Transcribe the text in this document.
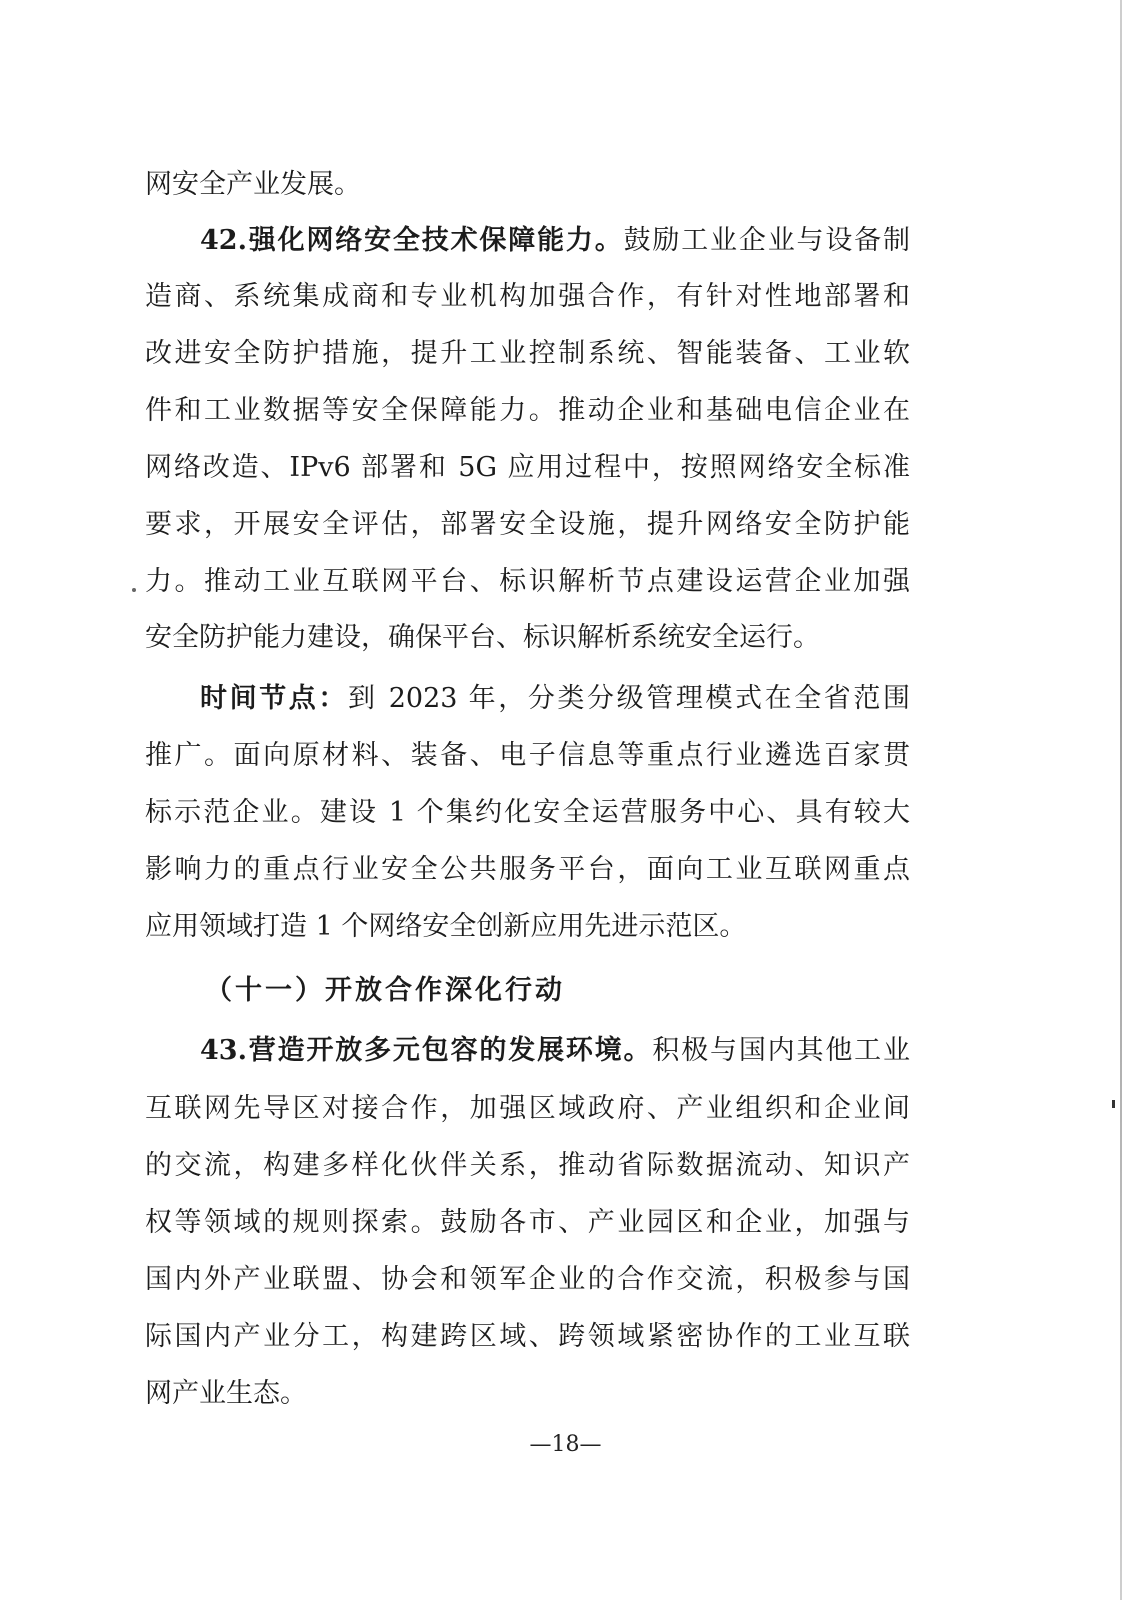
网安全产业发展。

42.强化网络安全技术保障能力。鼓励工业企业与设备制

造商、系统集成商和专业机构加强合作，有针对性地部署和

改进安全防护措施，提升工业控制系统、智能装备、工业软

件和工业数据等安全保障能力。推动企业和基础电信企业在

网络改造、IPv6 部署和 5G 应用过程中，按照网络安全标准

要求，开展安全评估，部署安全设施，提升网络安全防护能

力。推动工业互联网平台、标识解析节点建设运营企业加强

安全防护能力建设，确保平台、标识解析系统安全运行。

时间节点：到 2023 年，分类分级管理模式在全省范围

推广。面向原材料、装备、电子信息等重点行业遴选百家贯

标示范企业。建设 1 个集约化安全运营服务中心、具有较大

影响力的重点行业安全公共服务平台，面向工业互联网重点

应用领域打造 1 个网络安全创新应用先进示范区。

（十一）开放合作深化行动

43.营造开放多元包容的发展环境。积极与国内其他工业

互联网先导区对接合作，加强区域政府、产业组织和企业间

的交流，构建多样化伙伴关系，推动省际数据流动、知识产

权等领域的规则探索。鼓励各市、产业园区和企业，加强与

国内外产业联盟、协会和领军企业的合作交流，积极参与国

际国内产业分工，构建跨区域、跨领域紧密协作的工业互联

网产业生态。

—18—
